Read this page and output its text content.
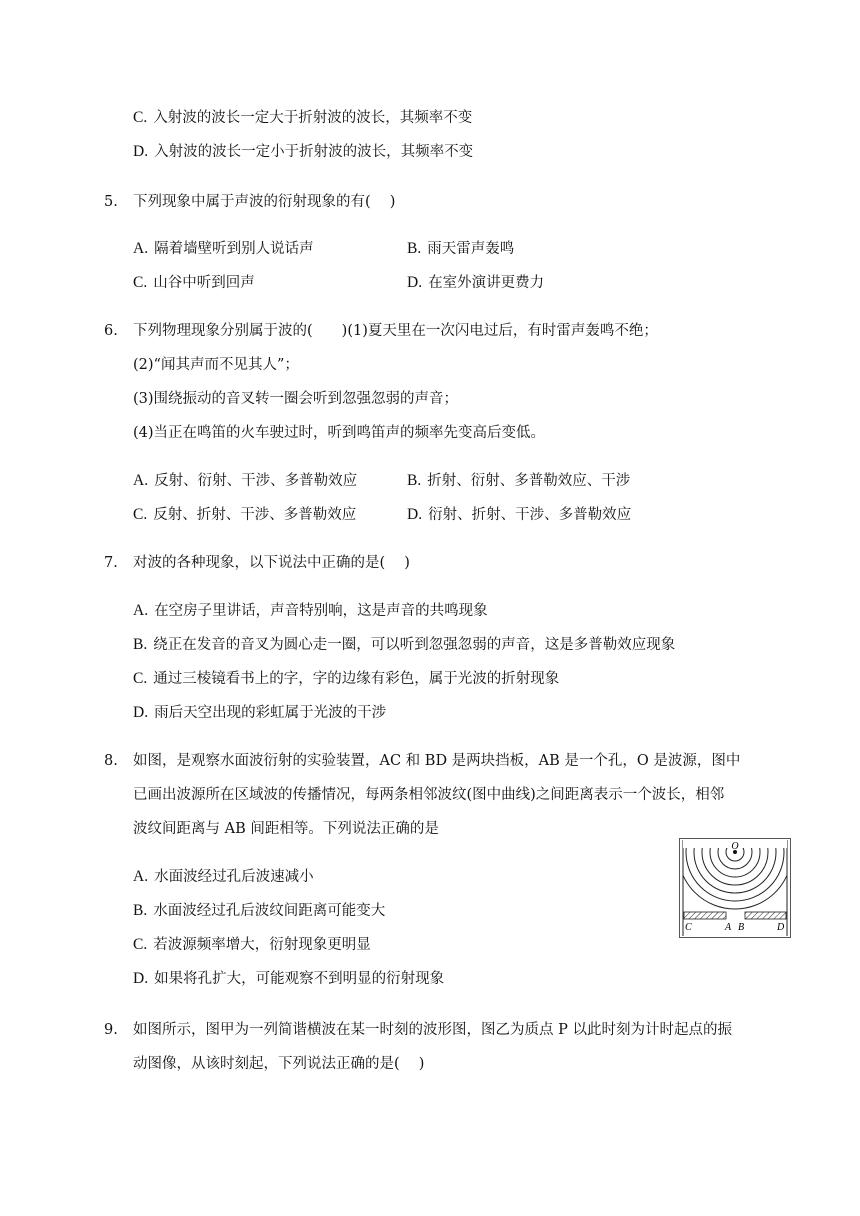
C. 入射波的波长一定大于折射波的波长，其频率不变
D. 入射波的波长一定小于折射波的波长，其频率不变
5. 下列现象中属于声波的衍射现象的有(　 )
A. 隔着墙壁听到别人说话声	B. 雨天雷声轰鸣
C. 山谷中听到回声	D. 在室外演讲更费力
6. 下列物理现象分别属于波的(　　)(1)夏天里在一次闪电过后，有时雷声轰鸣不绝；
(2)“闻其声而不见其人”；
(3)围绕振动的音叉转一圈会听到忽强忽弱的声音；
(4)当正在鸣笛的火车驶过时，听到鸣笛声的频率先变高后变低。
A. 反射、衍射、干涉、多普勒效应	B. 折射、衍射、多普勒效应、干涉
C. 反射、折射、干涉、多普勒效应	D. 衍射、折射、干涉、多普勒效应
7. 对波的各种现象，以下说法中正确的是(　 )
A. 在空房子里讲话，声音特别响，这是声音的共鸣现象
B. 绕正在发音的音叉为圆心走一圈，可以听到忽强忽弱的声音，这是多普勒效应现象
C. 通过三棱镜看书上的字，字的边缘有彩色，属于光波的折射现象
D. 雨后天空出现的彩虹属于光波的干涉
8. 如图，是观察水面波衍射的实验装置，AC 和 BD 是两块挡板，AB 是一个孔，O 是波源，图中
已画出波源所在区域波的传播情况，每两条相邻波纹(图中曲线)之间距离表示一个波长，相邻
波纹间距离与 AB 间距相等。下列说法正确的是
A. 水面波经过孔后波速减小
B. 水面波经过孔后波纹间距离可能变大
C. 若波源频率增大，衍射现象更明显
D. 如果将孔扩大，可能观察不到明显的衍射现象
O
C	A B	D
9. 如图所示，图甲为一列简谐横波在某一时刻的波形图，图乙为质点 P 以此时刻为计时起点的振
动图像，从该时刻起，下列说法正确的是(　 )
